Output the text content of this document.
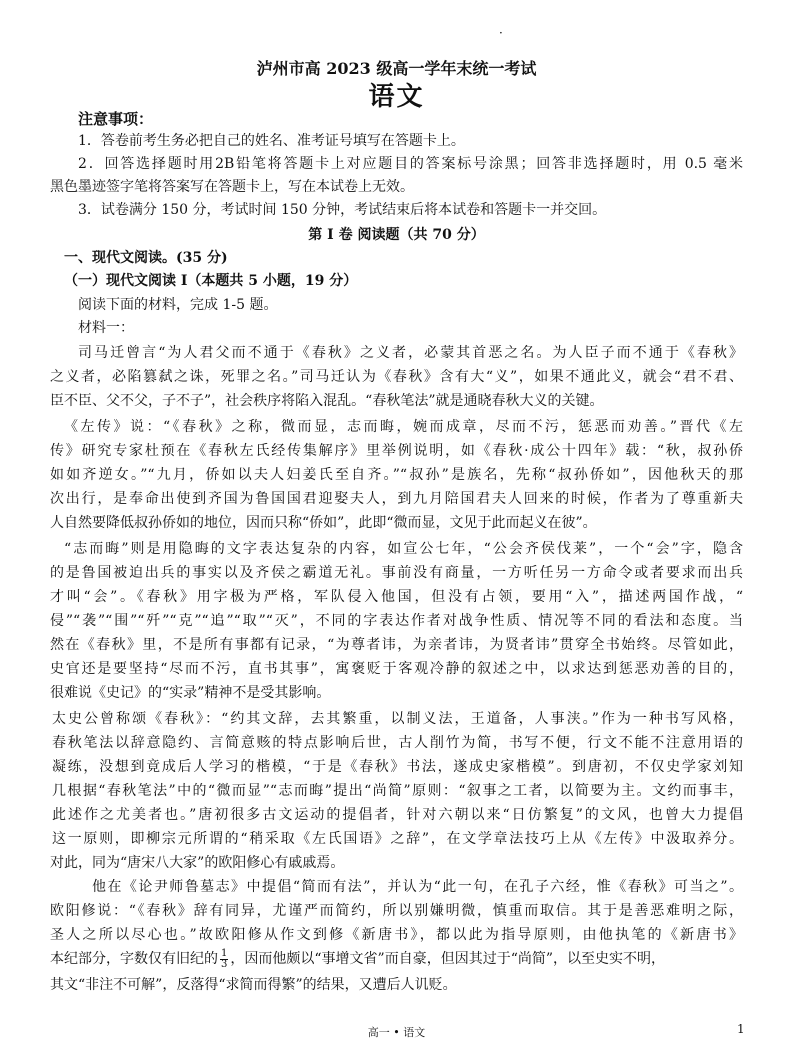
·
泸州市高 2023 级高一学年末统一考试
语文
注意事项：
1．答卷前考生务必把自己的姓名、准考证号填写在答题卡上。
2．回答选择题时用2B铅笔将答题卡上对应题目的答案标号涂黑；回答非选择题时，用 0.5 毫米
黑色墨迹签字笔将答案写在答题卡上，写在本试卷上无效。
3．试卷满分 150 分，考试时间 150 分钟，考试结束后将本试卷和答题卡一并交回。
第 I 卷 阅读题（共 70 分）
一、现代文阅读。(35 分)
（一）现代文阅读 I（本题共 5 小题，19 分）
阅读下面的材料，完成 1-5 题。
材料一：
司马迁曾言“为人君父而不通于《春秋》之义者，必蒙其首恶之名。为人臣子而不通于《春秋》
之义者，必陷篡弑之诛，死罪之名。”司马迁认为《春秋》含有大“义”，如果不通此义，就会“君不君、
臣不臣、父不父，子不子”，社会秩序将陷入混乱。“春秋笔法”就是通晓春秋大义的关键。
《左传》说：“《春秋》之称，微而显，志而晦，婉而成章，尽而不污，惩恶而劝善。”晋代《左
传》研究专家杜预在《春秋左氏经传集解序》里举例说明，如《春秋·成公十四年》载：“秋，叔孙侨
如如齐逆女。”“九月，侨如以夫人妇姜氏至自齐。”“叔孙”是族名，先称“叔孙侨如”，因他秋天的那
次出行，是奉命出使到齐国为鲁国国君迎娶夫人，到九月陪国君夫人回来的时候，作者为了尊重新夫
人自然要降低叔孙侨如的地位，因而只称“侨如”，此即“微而显，文见于此而起义在彼”。
“志而晦”则是用隐晦的文字表达复杂的内容，如宣公七年，“公会齐侯伐莱”，一个“会”字，隐含
的是鲁国被迫出兵的事实以及齐侯之霸道无礼。事前没有商量，一方听任另一方命令或者要求而出兵
才叫“会”。《春秋》用字极为严格，军队侵入他国，但没有占领，要用“入”，描述两国作战，“
侵”“袭”“围”“歼”“克”“追”“取”“灭”，不同的字表达作者对战争性质、情况等不同的看法和态度。当
然在《春秋》里，不是所有事都有记录，“为尊者讳，为亲者讳，为贤者讳”贯穿全书始终。尽管如此，
史官还是要坚持“尽而不污，直书其事”，寓褒贬于客观冷静的叙述之中，以求达到惩恶劝善的目的，
很难说《史记》的“实录”精神不是受其影响。
太史公曾称颂《春秋》：“约其文辞，去其繁重，以制义法，王道备，人事浃。”作为一种书写风格，
春秋笔法以辞意隐约、言简意赅的特点影响后世，古人削竹为简，书写不便，行文不能不注意用语的
凝练，没想到竟成后人学习的楷模，“于是《春秋》书法，遂成史家楷模”。到唐初，不仅史学家刘知
几根据“春秋笔法”中的“微而显”“志而晦”提出“尚简”原则：“叙事之工者，以简要为主。文约而事丰，
此述作之尤美者也。”唐初很多古文运动的提倡者，针对六朝以来“日仿繁复”的文风，也曾大力提倡
这一原则，即柳宗元所谓的“稍采取《左氏国语》之辞”，在文学章法技巧上从《左传》中汲取养分。
对此，同为“唐宋八大家”的欧阳修心有戚戚焉。
他在《论尹师鲁墓志》中提倡“简而有法”，并认为“此一句，在孔子六经，惟《春秋》可当之”。
欧阳修说：“《春秋》辞有同异，尤谨严而简约，所以别嫌明微，慎重而取信。其于是善恶难明之际，
圣人之所以尽心也。”故欧阳修从作文到修《新唐书》，都以此为指导原则，由他执笔的《新唐书》
本纪部分，字数仅有旧纪的 $\frac{1}{3}$ ，因而他颇以“事增文省”而自豪，但因其过于“尚简”，以至史实不明，
其文“非注不可解”，反落得“求简而得繁”的结果，又遭后人讥贬。
高一 • 语文	1
